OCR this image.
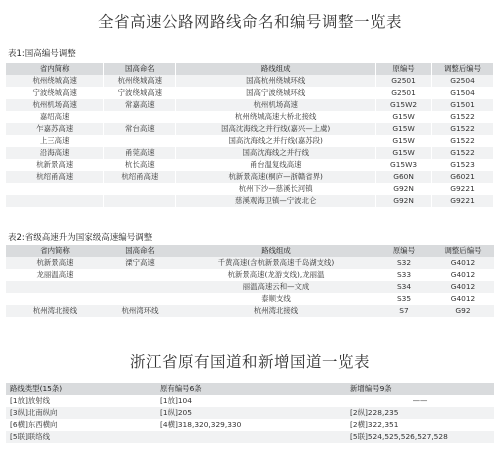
全省高速公路网路线命名和编号调整一览表
表1:国高编号调整
省内简称	国高命名	路线组成	原编号	调整后编号
杭州绕城高速	杭州绕城高速	国高杭州绕城环线	G2501	G2504
宁波绕城高速	宁波绕城高速	国高宁波绕城环线	G2501	G1504
杭州机场高速	常嘉高速	杭州机场高速	G15W2	G1501
嘉绍高速		杭州绕城高速大桥北接线	G15W	G1522
乍嘉苏高速	常台高速	国高沈海线之并行线(嘉兴—上虞)	G15W	G1522
上三高速		国高沈海线之并行线(嘉苏段)	G15W	G1522
沿海高速	甬莞高速	国高沈海线之并行线	G15W	G1522
杭新景高速	杭长高速	甬台温复线高速	G15W3	G1523
杭绍甬高速	杭绍甬高速	杭新景高速(桐庐—浙赣省界)	G60N	G6021
		杭州下沙—慈溪长河镇	G92N	G9221
		慈溪观海卫镇—宁波北仑	G92N	G9221
表2:省级高速升为国家级高速编号调整
省内简称	国高命名	路线组成	原编号	调整后编号
杭新景高速	溧宁高速	千黄高速(含杭新景高速千岛湖支线)	S32	G4012
龙丽温高速		杭新景高速(龙游支线),龙丽温	S33	G4012
		丽温高速云和—文成	S34	G4012
		泰顺支线	S35	G4012
杭州湾北接线	杭州湾环线	杭州湾北接线	S7	G92
浙江省原有国道和新增国道一览表
路线类型(15条)	原有编号6条	新增编号9条
[1放]放射线	[1放]104	——
[3纵]北南纵向	[1纵]205	[2纵]228,235
[6横]东西横向	[4横]318,320,329,330	[2横]322,351
[5联]联络线		[5联]524,525,526,527,528
